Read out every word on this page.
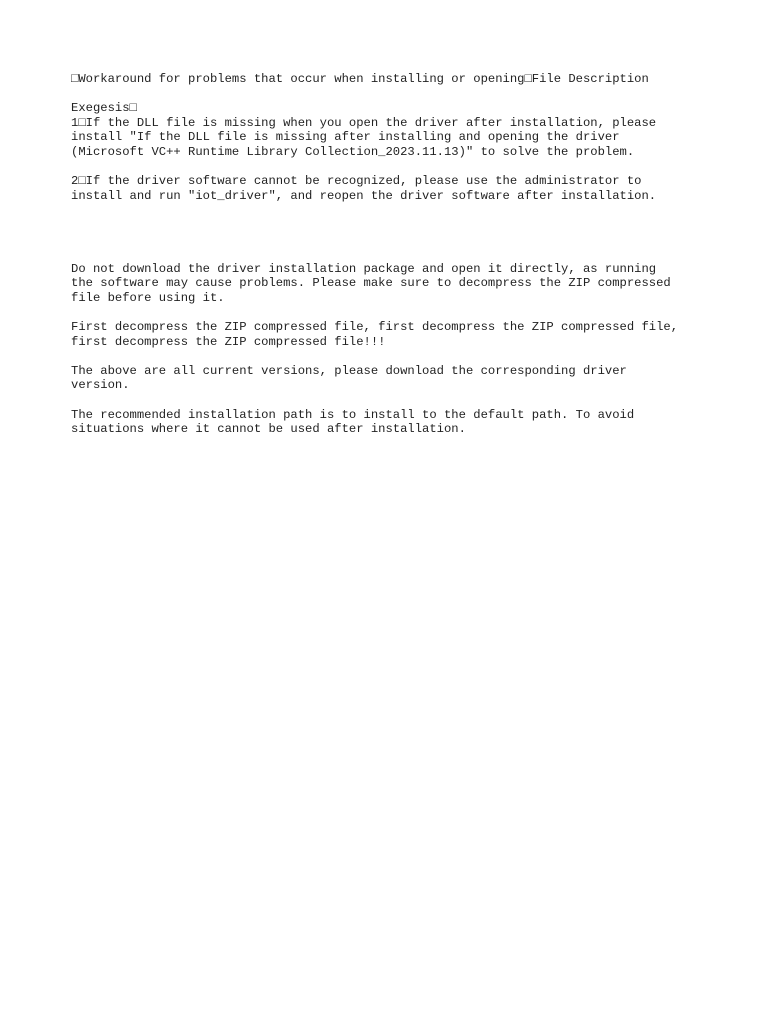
□Workaround for problems that occur when installing or opening□File Description
Exegesis□
1□If the DLL file is missing when you open the driver after installation, please
install "If the DLL file is missing after installing and opening the driver
(Microsoft VC++ Runtime Library Collection_2023.11.13)" to solve the problem.
2□If the driver software cannot be recognized, please use the administrator to
install and run "iot_driver", and reopen the driver software after installation.
Do not download the driver installation package and open it directly, as running
the software may cause problems. Please make sure to decompress the ZIP compressed
file before using it.
First decompress the ZIP compressed file, first decompress the ZIP compressed file,
first decompress the ZIP compressed file!!!
The above are all current versions, please download the corresponding driver
version.
The recommended installation path is to install to the default path. To avoid
situations where it cannot be used after installation.
